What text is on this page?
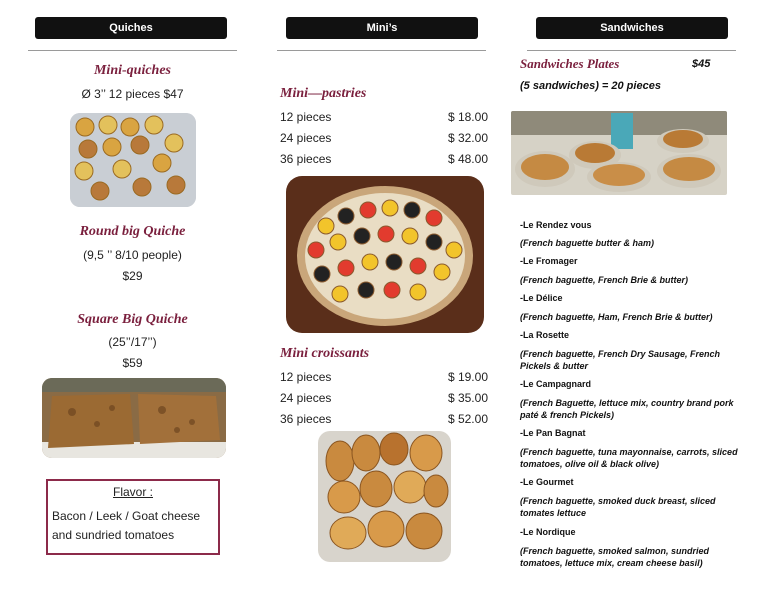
Quiches	Mini’s	Sandwiches
Mini-quiches
Ø 3’’ 12 pieces $47
Round big Quiche
(9,5 ’’ 8/10 people)
$29
Square Big Quiche
(25’’/17’’)
$59
Flavor :
Bacon / Leek / Goat cheese
and sundried tomatoes
Mini—pastries
12 pieces	$ 18.00
24 pieces	$ 32.00
36 pieces	$ 48.00
Mini croissants
12 pieces	$ 19.00
24 pieces	$ 35.00
36 pieces	$ 52.00
Sandwiches Plates	$45
(5 sandwiches) = 20 pieces
-Le Rendez vous
(French baguette butter & ham)
-Le Fromager
(French baguette, French Brie & butter)
-Le Délice
(French baguette, Ham, French Brie & butter)
-La Rosette
(French baguette, French Dry Sausage, French Pickels & butter
-Le Campagnard
(French Baguette, lettuce mix, country brand pork paté & french Pickels)
-Le Pan Bagnat
(French baguette, tuna mayonnaise, carrots, sliced tomatoes, olive oil & black olive)
-Le Gourmet
(French baguette, smoked duck breast, sliced tomates lettuce
-Le Nordique
(French baguette, smoked salmon, sundried tomatoes, lettuce mix, cream cheese basil)
